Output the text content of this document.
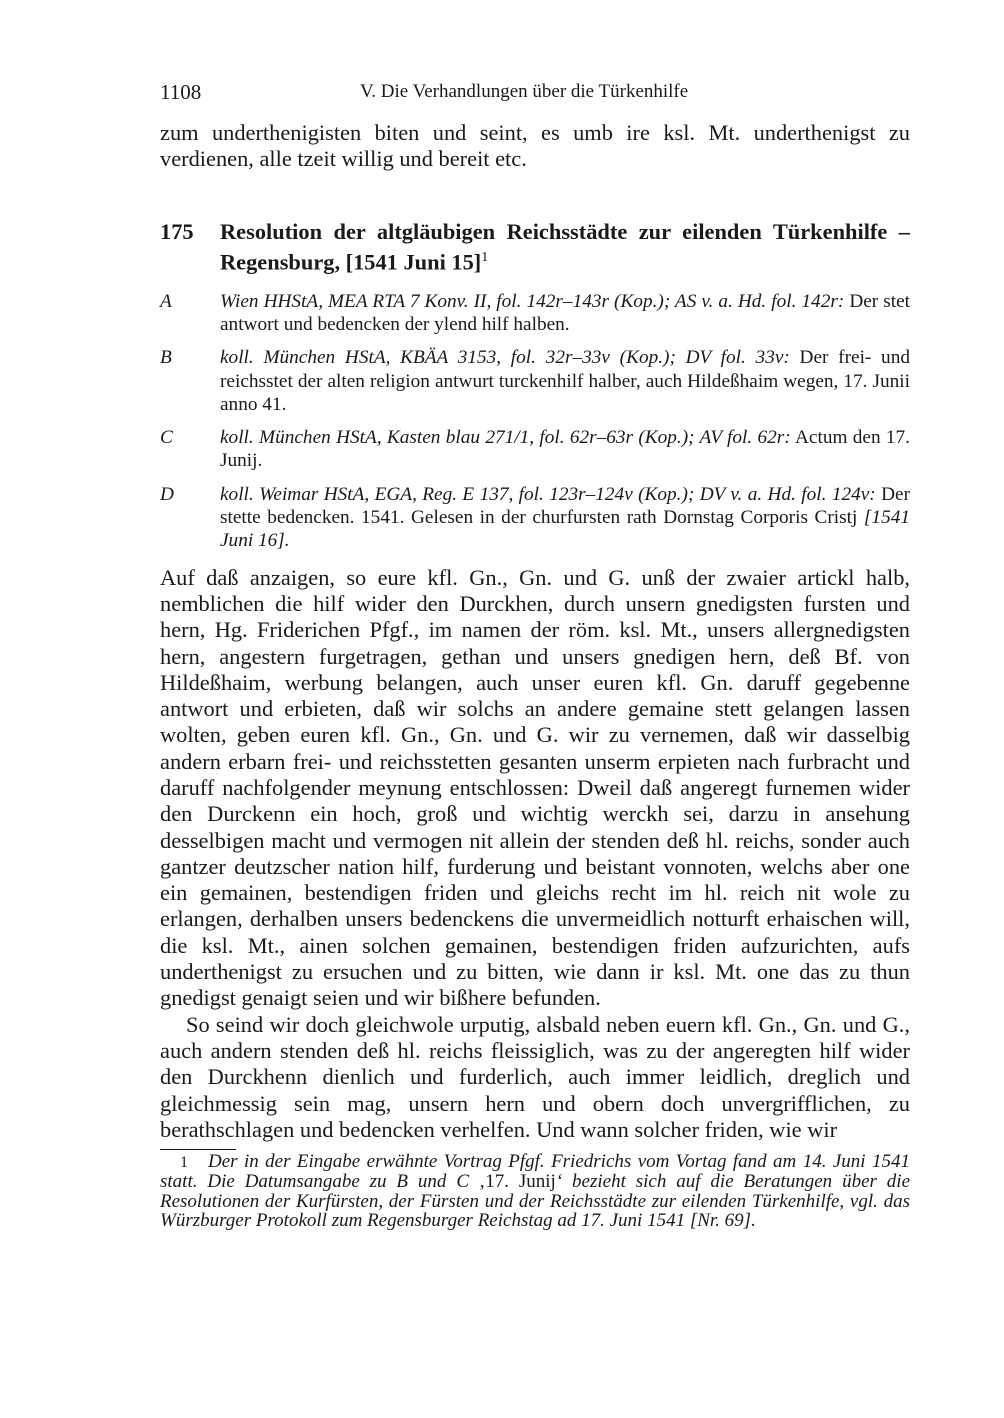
1108	V. Die Verhandlungen über die Türkenhilfe

zum underthenigisten biten und seint, es umb ire ksl. Mt. underthenigst zu verdienen, alle tzeit willig und bereit etc.

175	Resolution der altgläubigen Reichsstädte zur eilenden Türkenhilfe – Regensburg, [1541 Juni 15]$^1$
A	Wien HHStA, MEA RTA 7 Konv. II, fol. 142r–143r (Kop.); AS v. a. Hd. fol. 142r: Der stet antwort und bedencken der ylend hilf halben.
B	koll. München HStA, KBÄA 3153, fol. 32r–33v (Kop.); DV fol. 33v: Der frei- und reichsstet der alten religion antwurt turckenhilf halber, auch Hildeßhaim wegen, 17. Junii anno 41.
C	koll. München HStA, Kasten blau 271/1, fol. 62r–63r (Kop.); AV fol. 62r: Actum den 17. Junij.
D	koll. Weimar HStA, EGA, Reg. E 137, fol. 123r–124v (Kop.); DV v. a. Hd. fol. 124v: Der stette bedencken. 1541. Gelesen in der churfursten rath Dornstag Corporis Cristj [1541 Juni 16].

Auf daß anzaigen, so eure kfl. Gn., Gn. und G. unß der zwaier artickl halb, nemblichen die hilf wider den Durckhen, durch unsern gnedigsten fursten und hern, Hg. Friderichen Pfgf., im namen der röm. ksl. Mt., unsers allergnedigsten hern, angestern furgetragen, gethan und unsers gnedigen hern, deß Bf. von Hildeßhaim, werbung belangen, auch unser euren kfl. Gn. daruff gegebenne antwort und erbieten, daß wir solchs an andere gemaine stett gelangen lassen wolten, geben euren kfl. Gn., Gn. und G. wir zu vernemen, daß wir dasselbig andern erbarn frei- und reichsstetten gesanten unserm erpieten nach furbracht und daruff nachfolgender meynung entschlossen: Dweil daß angeregt furnemen wider den Durckenn ein hoch, groß und wichtig werckh sei, darzu in ansehung desselbigen macht und vermogen nit allein der stenden deß hl. reichs, sonder auch gantzer deutzscher nation hilf, furderung und beistant vonnoten, welchs aber one ein gemainen, bestendigen friden und gleichs recht im hl. reich nit wole zu erlangen, derhalben unsers bedenckens die unvermeidlich notturft erhaischen will, die ksl. Mt., ainen solchen gemainen, bestendigen friden aufzurichten, aufs underthenigst zu ersuchen und zu bitten, wie dann ir ksl. Mt. one das zu thun gnedigst genaigt seien und wir bißhere befunden.

So seind wir doch gleichwole urputig, alsbald neben euern kfl. Gn., Gn. und G., auch andern stenden deß hl. reichs fleissiglich, was zu der angeregten hilf wider den Durckhenn dienlich und furderlich, auch immer leidlich, dreglich und gleichmessig sein mag, unsern hern und obern doch unvergrifflichen, zu berathschlagen und bedencken verhelfen. Und wann solcher friden, wie wir

1 Der in der Eingabe erwähnte Vortrag Pfgf. Friedrichs vom Vortag fand am 14. Juni 1541 statt. Die Datumsangabe zu B und C ‚17. Junij‘ bezieht sich auf die Beratungen über die Resolutionen der Kurfürsten, der Fürsten und der Reichsstädte zur eilenden Türkenhilfe, vgl. das Würzburger Protokoll zum Regensburger Reichstag ad 17. Juni 1541 [Nr. 69].
